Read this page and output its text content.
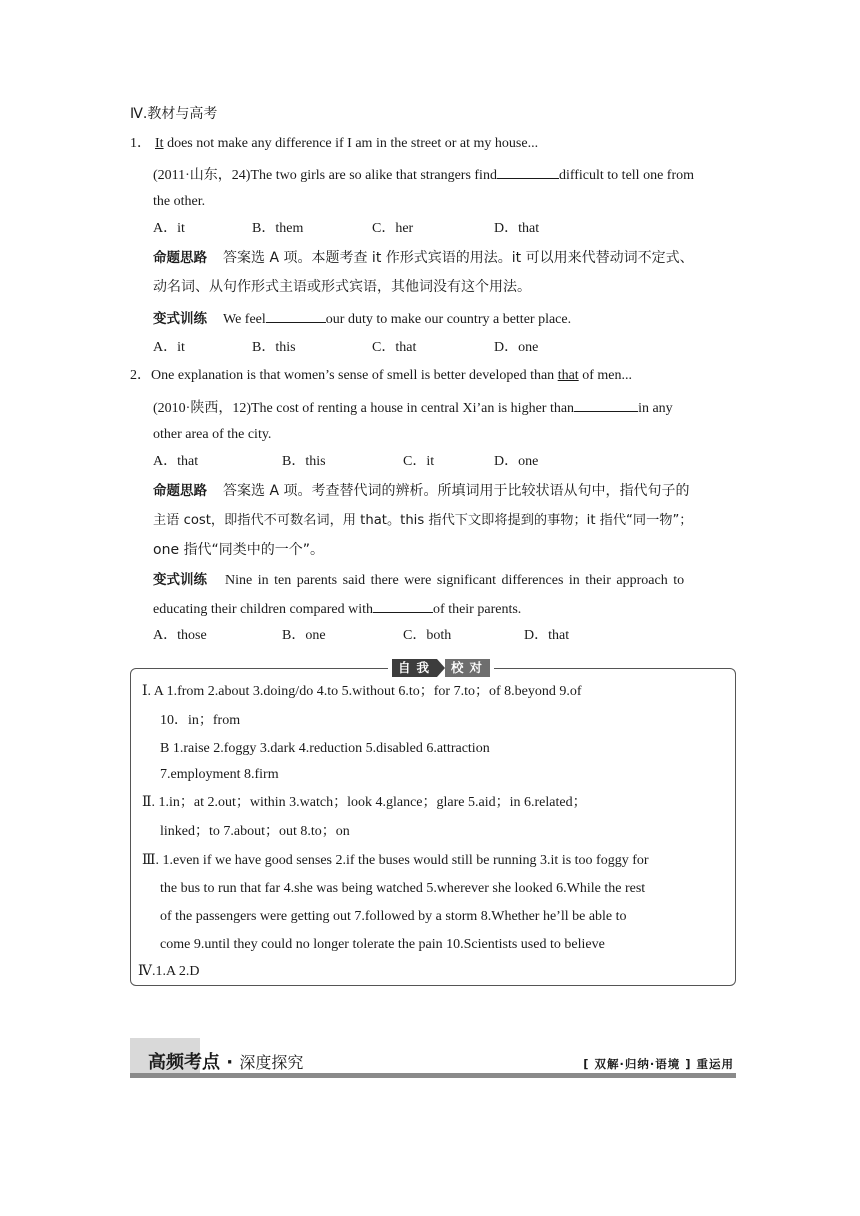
Ⅳ.教材与高考
1． It does not make any difference if I am in the street or at my house...
(2011·山东，24)The two girls are so alike that strangers find	difficult to tell one from
the other.
A．it	B．them	C．her	D．that
命题思路 答案选 A 项。本题考查 it 作形式宾语的用法。it 可以用来代替动词不定式、
动名词、从句作形式主语或形式宾语，其他词没有这个用法。
变式训练 We feel	our duty to make our country a better place.
A．it	B．this	C．that	D．one
2．One explanation is that women’s sense of smell is better developed than that of men...
(2010·陕西，12)The cost of renting a house in central Xi’an is higher than	in any
other area of the city.
A．that	B．this	C．it	D．one
命题思路 答案选 A 项。考查替代词的辨析。所填词用于比较状语从句中，指代句子的
主语 cost，即指代不可数名词，用 that。this 指代下文即将提到的事物；it 指代“同一物”；
one 指代“同类中的一个”。
变式训练 Nine in ten parents said there were significant differences in their approach to
educating their children compared with	of their parents.
A．those	B．one	C．both	D．that
自我	校对
Ⅰ. A 1.from 2.about 3.doing/do 4.to 5.without 6.to；for 7.to；of 8.beyond 9.of
10．in；from
B 1.raise 2.foggy 3.dark 4.reduction 5.disabled 6.attraction
7.employment 8.firm
Ⅱ. 1.in；at 2.out；within 3.watch；look 4.glance；glare 5.aid；in 6.related；
linked；to 7.about；out 8.to；on
Ⅲ. 1.even if we have good senses 2.if the buses would still be running 3.it is too foggy for
the bus to run that far 4.she was being watched 5.wherever she looked 6.While the rest
of the passengers were getting out 7.followed by a storm 8.Whether he’ll be able to
come 9.until they could no longer tolerate the pain 10.Scientists used to believe
Ⅳ.1.A 2.D
高频考点 · 深度探究	[ 双解·归纳·语境 ] 重运用
